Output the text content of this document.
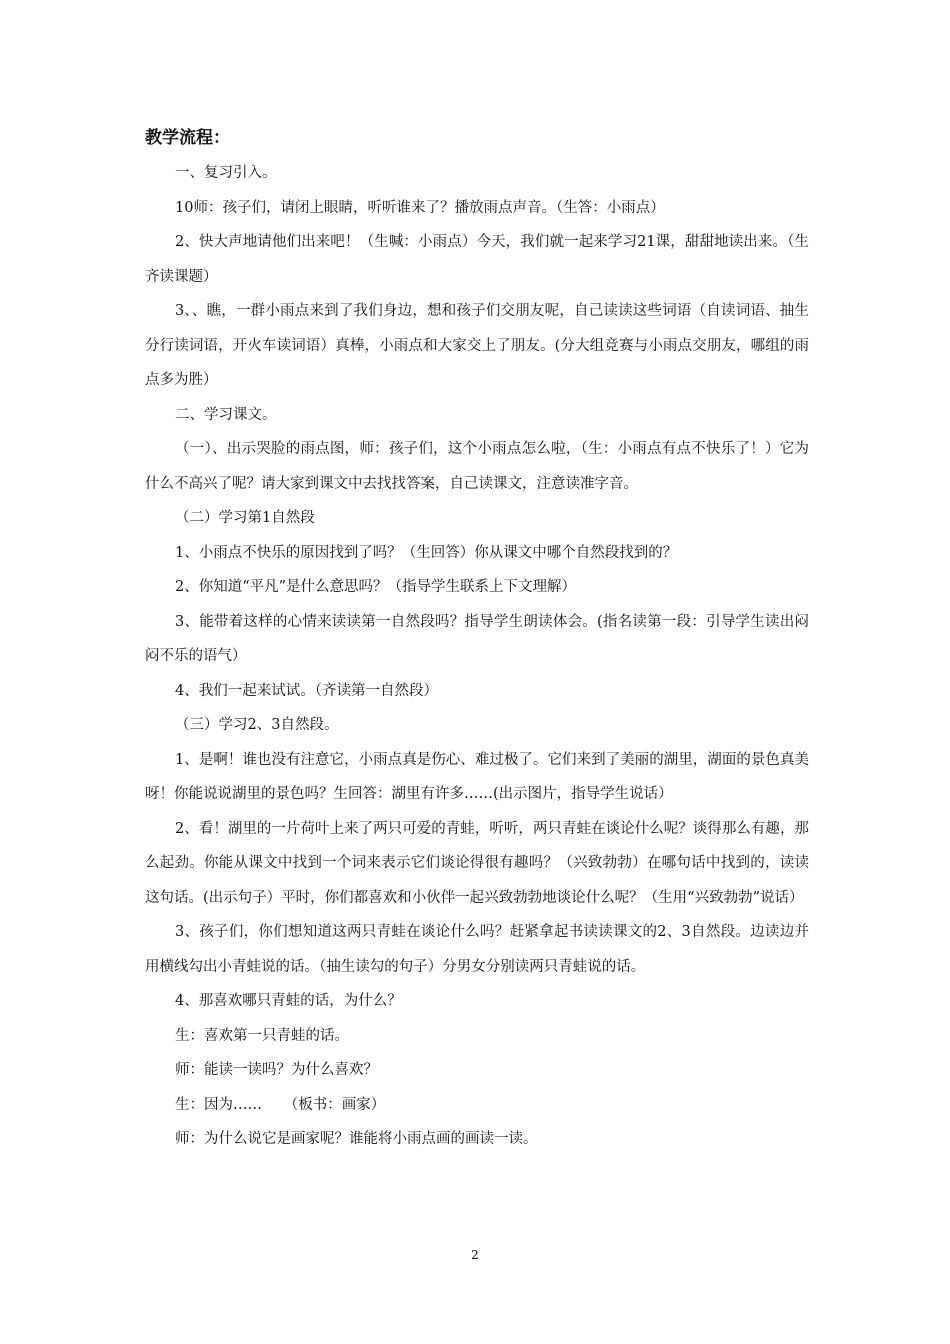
教学流程：

一、复习引入。

10师：孩子们，请闭上眼睛，听听谁来了？播放雨点声音。（生答：小雨点）

2、快大声地请他们出来吧！（生喊：小雨点）今天，我们就一起来学习21课，甜甜地读出来。（生齐读课题）

3、、瞧，一群小雨点来到了我们身边，想和孩子们交朋友呢，自己读读这些词语（自读词语、抽生分行读词语，开火车读词语）真棒，小雨点和大家交上了朋友。(分大组竞赛与小雨点交朋友，哪组的雨点多为胜）

二、学习课文。

（一）、出示哭脸的雨点图，师：孩子们，这个小雨点怎么啦，（生：小雨点有点不快乐了！）它为什么不高兴了呢？请大家到课文中去找找答案，自己读课文，注意读准字音。

（二）学习第1自然段

1、小雨点不快乐的原因找到了吗？（生回答）你从课文中哪个自然段找到的？

2、你知道“平凡”是什么意思吗？（指导学生联系上下文理解）

3、能带着这样的心情来读读第一自然段吗？指导学生朗读体会。(指名读第一段：引导学生读出闷闷不乐的语气）

4、我们一起来试试。（齐读第一自然段）

（三）学习2、3自然段。

1、是啊！谁也没有注意它，小雨点真是伤心、难过极了。它们来到了美丽的湖里，湖面的景色真美呀！你能说说湖里的景色吗？生回答：湖里有许多……(出示图片，指导学生说话）

2、看！湖里的一片荷叶上来了两只可爱的青蛙，听听，两只青蛙在谈论什么呢？谈得那么有趣，那么起劲。你能从课文中找到一个词来表示它们谈论得很有趣吗？（兴致勃勃）在哪句话中找到的，读读这句话。(出示句子）平时，你们都喜欢和小伙伴一起兴致勃勃地谈论什么呢？（生用“兴致勃勃”说话）

3、孩子们，你们想知道这两只青蛙在谈论什么吗？赶紧拿起书读读课文的2、3自然段。边读边并用横线勾出小青蛙说的话。（抽生读勾的句子）分男女分别读两只青蛙说的话。

4、那喜欢哪只青蛙的话，为什么？

生：喜欢第一只青蛙的话。

师：能读一读吗？为什么喜欢？

生：因为……　　（板书：画家）

师：为什么说它是画家呢？谁能将小雨点画的画读一读。

2
